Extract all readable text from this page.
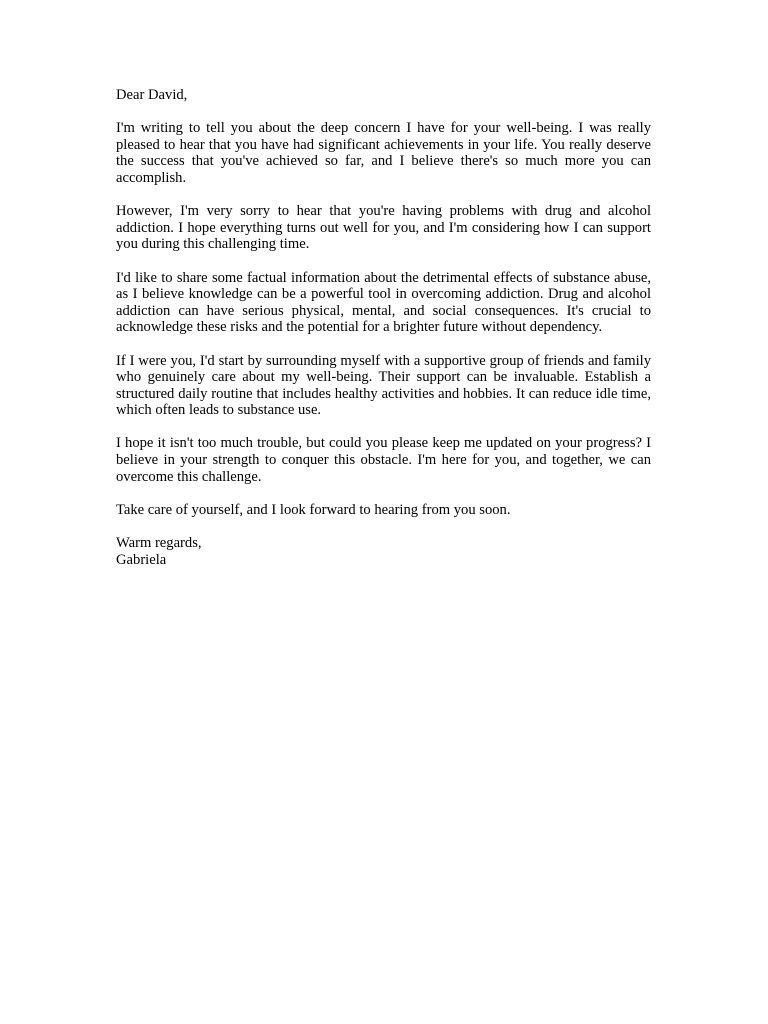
Dear David,

I'm writing to tell you about the deep concern I have for your well-being. I was really pleased to hear that you have had significant achievements in your life. You really deserve the success that you've achieved so far, and I believe there's so much more you can accomplish.

However, I'm very sorry to hear that you're having problems with drug and alcohol addiction. I hope everything turns out well for you, and I'm considering how I can support you during this challenging time.

I'd like to share some factual information about the detrimental effects of substance abuse, as I believe knowledge can be a powerful tool in overcoming addiction. Drug and alcohol addiction can have serious physical, mental, and social consequences. It's crucial to acknowledge these risks and the potential for a brighter future without dependency.

If I were you, I'd start by surrounding myself with a supportive group of friends and family who genuinely care about my well-being. Their support can be invaluable. Establish a structured daily routine that includes healthy activities and hobbies. It can reduce idle time, which often leads to substance use.

I hope it isn't too much trouble, but could you please keep me updated on your progress? I believe in your strength to conquer this obstacle. I'm here for you, and together, we can overcome this challenge.

Take care of yourself, and I look forward to hearing from you soon.

Warm regards,

Gabriela
